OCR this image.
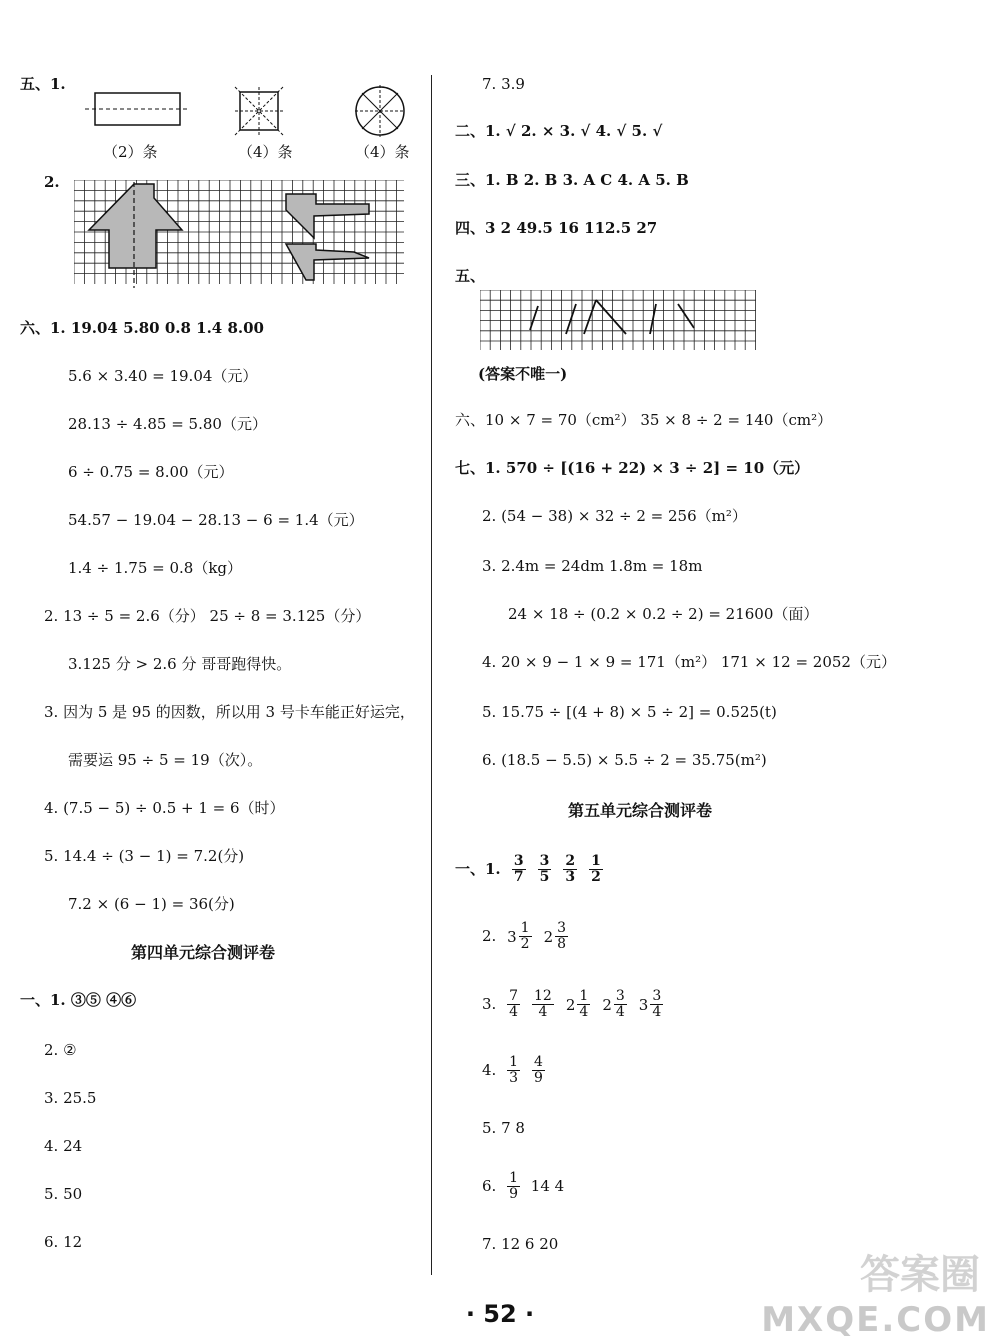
五、1.
（2）条	（4）条	（4）条
2.
六、1. 19.04 5.80 0.8 1.4 8.00
5.6 × 3.40 = 19.04（元）
28.13 ÷ 4.85 = 5.80（元）
6 ÷ 0.75 = 8.00（元）
54.57 − 19.04 − 28.13 − 6 = 1.4（元）
1.4 ÷ 1.75 = 0.8（kg）
2. 13 ÷ 5 = 2.6（分） 25 ÷ 8 = 3.125（分）
3.125 分 > 2.6 分 哥哥跑得快。
3. 因为 5 是 95 的因数，所以用 3 号卡车能正好运完，
需要运 95 ÷ 5 = 19（次）。
4. (7.5 − 5) ÷ 0.5 + 1 = 6（时）
5. 14.4 ÷ (3 − 1) = 7.2(分)
7.2 × (6 − 1) = 36(分)
第四单元综合测评卷
一、1. ③⑤ ④⑥
2. ②
3. 25.5
4. 24
5. 50
6. 12
7. 3.9
二、1. √ 2. × 3. √ 4. √ 5. √
三、1. B 2. B 3. A C 4. A 5. B
四、3 2 49.5 16 112.5 27
五、
(答案不唯一)
六、10 × 7 = 70（cm²） 35 × 8 ÷ 2 = 140（cm²）
七、1. 570 ÷ [(16 + 22) × 3 ÷ 2] = 10（元）
2. (54 − 38) × 32 ÷ 2 = 256（m²）
3. 2.4m = 24dm 1.8m = 18m
24 × 18 ÷ (0.2 × 0.2 ÷ 2) = 21600（面）
4. 20 × 9 − 1 × 9 = 171（m²） 171 × 12 = 2052（元）
5. 15.75 ÷ [(4 + 8) × 5 ÷ 2] = 0.525(t)
6. (18.5 − 5.5) × 5.5 ÷ 2 = 35.75(m²)
第五单元综合测评卷
一、1. $\frac{3}{7} \frac{3}{5} \frac{2}{3} \frac{1}{2}$
2. $3 \frac{1}{2} 2 \frac{3}{8}$
3. $\frac{7}{4} \frac{12}{4} 2 \frac{1}{4} 2 \frac{3}{4} 3 \frac{3}{4}$
4. $\frac{1}{3} \frac{4}{9}$
5. 7 8
6. $\frac{1}{9} 14$ 4
7. 12 6 20
· 52 ·
答案圈
MXQE.COM
